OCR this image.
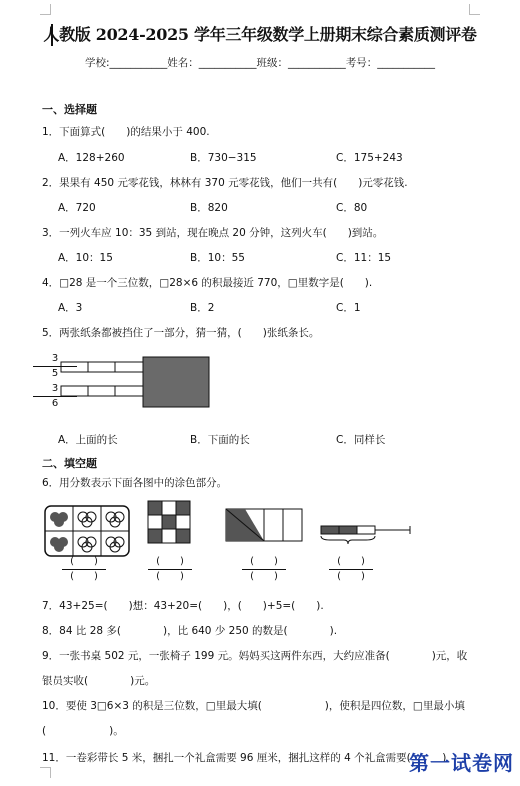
人教版 2024-2025 学年三年级数学上册期末综合素质测评卷
学校:___________姓名：___________班级：___________考号：___________
一、选择题
1．下面算式(　　)的结果小于 400.
A．128+260	B．730−315	C．175+243
2．果果有 450 元零花钱，林林有 370 元零花钱，他们一共有(　　)元零花钱.
A．720	B．820	C．80
3．一列火车应 10：35 到站，现在晚点 20 分钟，这列火车(　　)到站。
A．10：15	B．10：55	C．11：15
4．□28 是一个三位数，□28×6 的积最接近 770，□里数字是(　　).
A．3	B．2	C．1
5．两张纸条都被挡住了一部分，猜一猜，(　　)张纸条长。
3
5
3
6
A．上面的长	B．下面的长	C．同样长
二、填空题
6．用分数表示下面各图中的涂色部分。
(　　)
(　　)
(　　)
(　　)
(　　)
(　　)
(　　)
(　　)
7．43+25=(　　)想：43+20=(　　)，(　　)+5=(　　).
8．84 比 28 多(　　　　)，比 640 少 250 的数是(　　　　).
9．一张书桌 502 元，一张椅子 199 元。妈妈买这两件东西，大约应准备(　　　　)元，收
银员实收(　　　　)元。
10．要使 3□6×3 的积是三位数，□里最大填(　　　　　　)，使积是四位数，□里最小填
(　　　　　　)。
11．一卷彩带长 5 米，捆扎一个礼盒需要 96 厘米，捆扎这样的 4 个礼盒需要(　　　)
第一试卷网
